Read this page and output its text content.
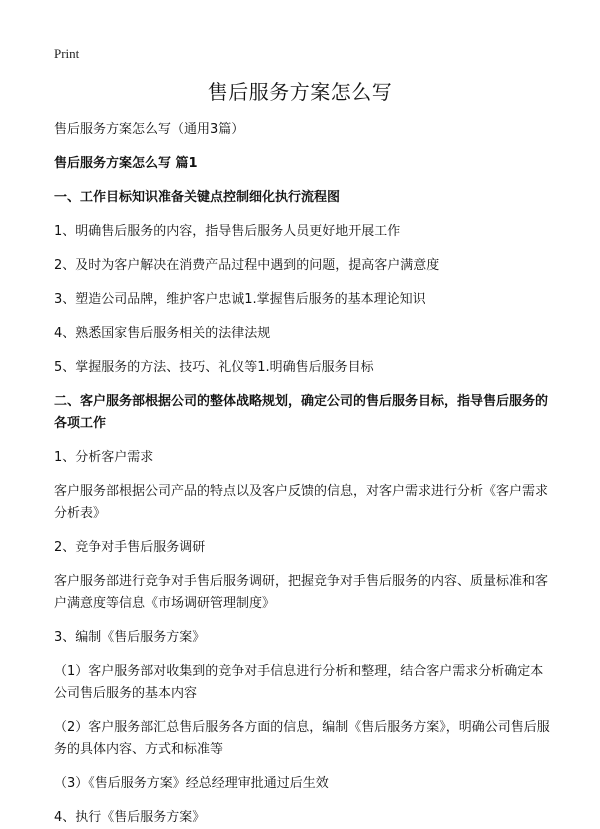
Print
售后服务方案怎么写

售后服务方案怎么写（通用3篇）

售后服务方案怎么写 篇1

一、工作目标知识准备关键点控制细化执行流程图

1、明确售后服务的内容，指导售后服务人员更好地开展工作

2、及时为客户解决在消费产品过程中遇到的问题，提高客户满意度

3、塑造公司品牌，维护客户忠诚1.掌握售后服务的基本理论知识

4、熟悉国家售后服务相关的法律法规

5、掌握服务的方法、技巧、礼仪等1.明确售后服务目标

二、客户服务部根据公司的整体战略规划，确定公司的售后服务目标，指导售后服务的各项工作

1、分析客户需求

客户服务部根据公司产品的特点以及客户反馈的信息，对客户需求进行分析《客户需求分析表》

2、竞争对手售后服务调研

客户服务部进行竞争对手售后服务调研，把握竞争对手售后服务的内容、质量标准和客户满意度等信息《市场调研管理制度》

3、编制《售后服务方案》

（1）客户服务部对收集到的竞争对手信息进行分析和整理，结合客户需求分析确定本公司售后服务的基本内容

（2）客户服务部汇总售后服务各方面的信息，编制《售后服务方案》，明确公司售后服务的具体内容、方式和标准等

（3）《售后服务方案》经总经理审批通过后生效

4、执行《售后服务方案》
